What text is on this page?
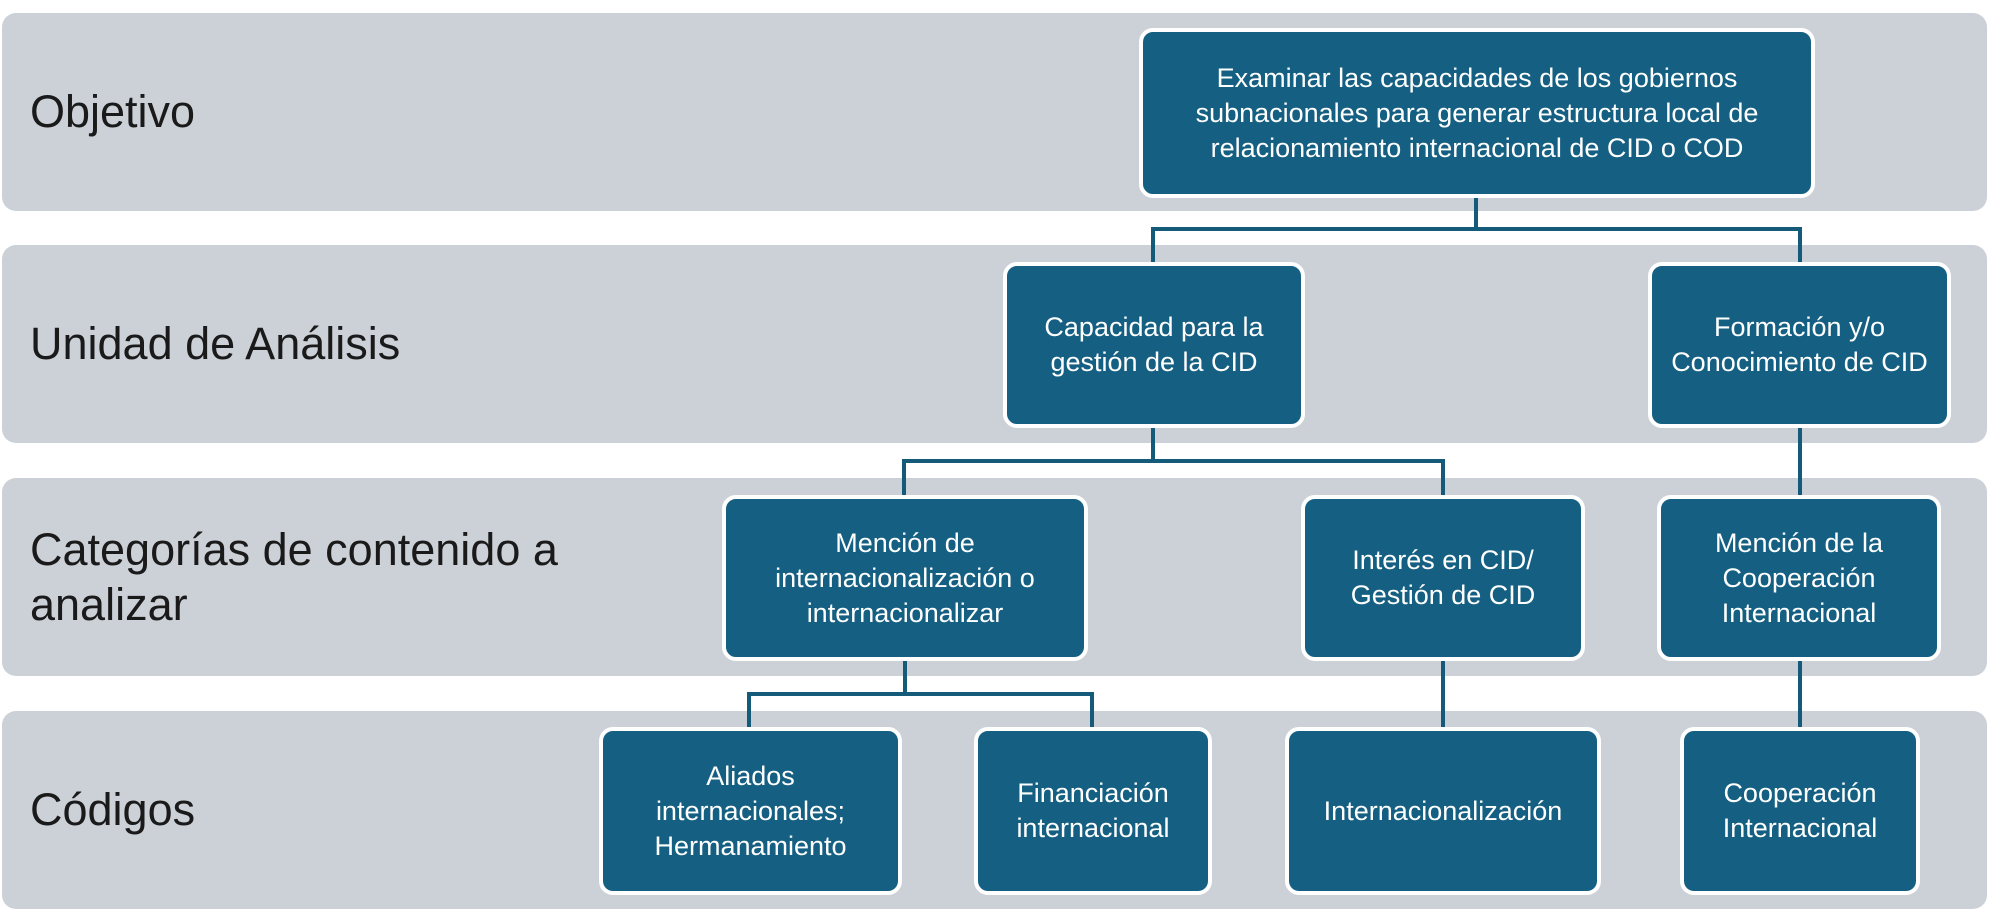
Objetivo
Unidad de Análisis
Categorías de contenido a analizar
Códigos
Examinar las capacidades de los gobiernos subnacionales para generar estructura local de relacionamiento internacional de CID o COD
Capacidad para la gestión de la CID
Formación y/o Conocimiento de CID
Mención de internacionalización o internacionalizar
Interés en CID/ Gestión de CID
Mención de la Cooperación Internacional
Aliados internacionales; Hermanamiento
Financiación internacional
Internacionalización
Cooperación Internacional
